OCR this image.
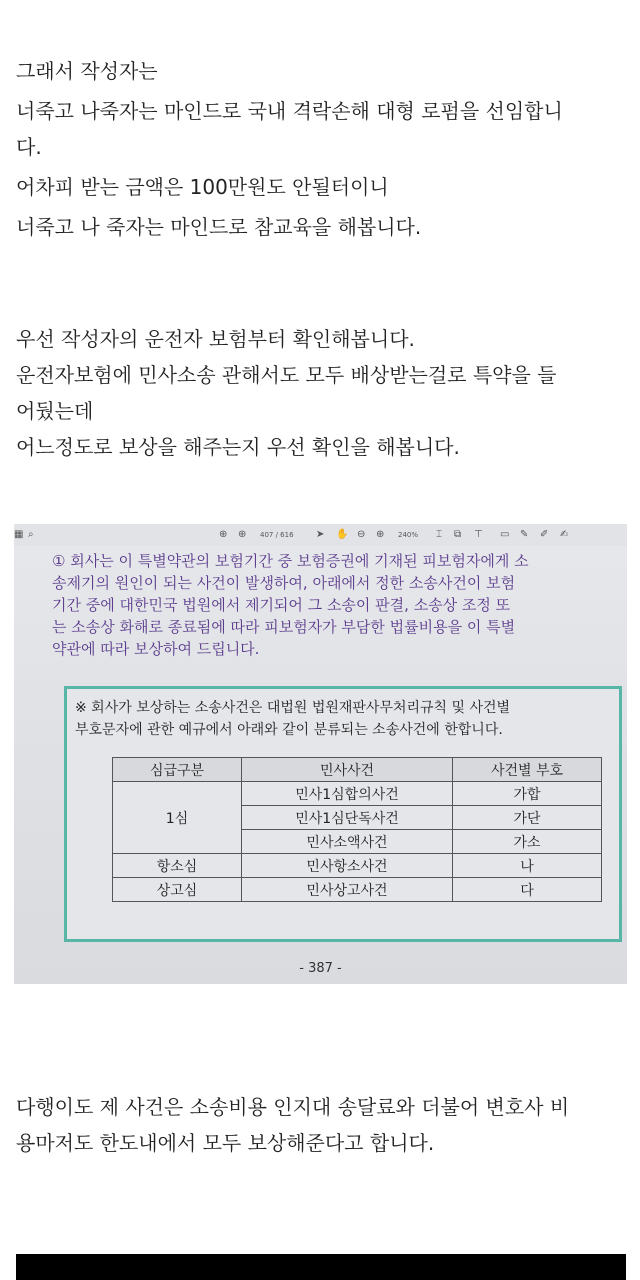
그래서 작성자는
너죽고 나죽자는 마인드로 국내 격락손해 대형 로펌을 선임합니
다.
어차피 받는 금액은 100만원도 안될터이니
너죽고 나 죽자는 마인드로 참교육을 해봅니다.
우선 작성자의 운전자 보험부터 확인해봅니다.
운전자보험에 민사소송 관해서도 모두 배상받는걸로 특약을 들
어뒀는데
어느정도로 보상을 해주는지 우선 확인을 해봅니다.
▦ ⌕	⊕ ⊕ 407 / 616 ➤ ✋ ⊖ ⊕ 240% ⌶ ⧉ ⊤ ▭ ✎ ✐ ✍
① 회사는 이 특별약관의 보험기간 중 보험증권에 기재된 피보험자에게 소
송제기의 원인이 되는 사건이 발생하여, 아래에서 정한 소송사건이 보험
기간 중에 대한민국 법원에서 제기되어 그 소송이 판결, 소송상 조정 또
는 소송상 화해로 종료됨에 따라 피보험자가 부담한 법률비용을 이 특별
약관에 따라 보상하여 드립니다.
※ 회사가 보상하는 소송사건은 대법원 법원재판사무처리규칙 및 사건별
부호문자에 관한 예규에서 아래와 같이 분류되는 소송사건에 한합니다.
심급구분	민사사건	사건별 부호
1심	민사1심합의사건	가합
	민사1심단독사건	가단
	민사소액사건	가소
항소심	민사항소사건	나
상고심	민사상고사건	다
- 387 -
다행이도 제 사건은 소송비용 인지대 송달료와 더불어 변호사 비
용마저도 한도내에서 모두 보상해준다고 합니다.
